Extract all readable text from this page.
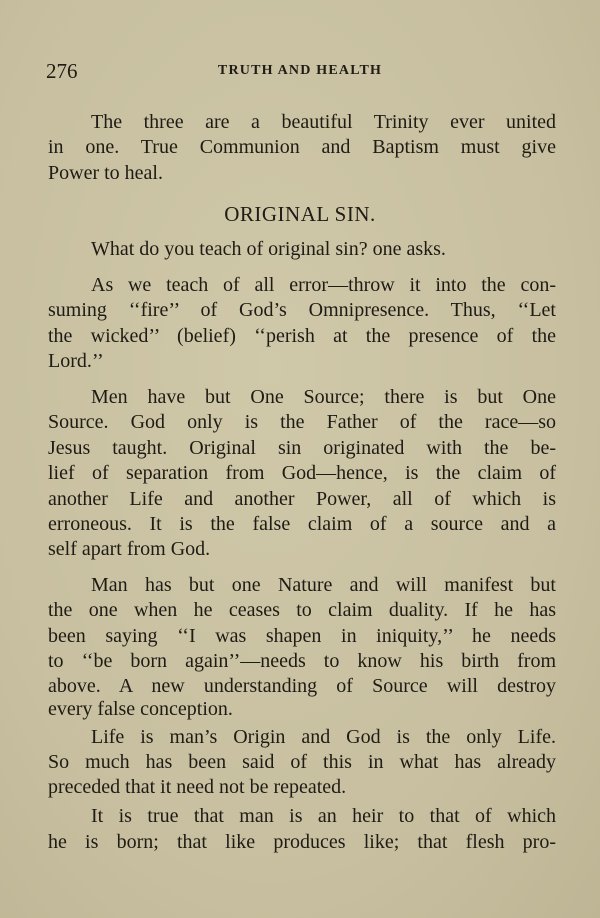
276	TRUTH AND HEALTH
The three are a beautiful Trinity ever united
in one. True Communion and Baptism must give
Power to heal.
ORIGINAL SIN.
What do you teach of original sin? one asks.
As we teach of all error—throw it into the con-
suming ‘‘fire’’ of God’s Omnipresence. Thus, ‘‘Let
the wicked’’ (belief) ‘‘perish at the presence of the
Lord.’’
Men have but One Source; there is but One
Source. God only is the Father of the race—so
Jesus taught. Original sin originated with the be-
lief of separation from God—hence, is the claim of
another Life and another Power, all of which is
erroneous. It is the false claim of a source and a
self apart from God.
Man has but one Nature and will manifest but
the one when he ceases to claim duality. If he has
been saying ‘‘I was shapen in iniquity,’’ he needs
to ‘‘be born again’’—needs to know his birth from
above. A new understanding of Source will destroy
every false conception.
Life is man’s Origin and God is the only Life.
So much has been said of this in what has already
preceded that it need not be repeated.
It is true that man is an heir to that of which
he is born; that like produces like; that flesh pro-
